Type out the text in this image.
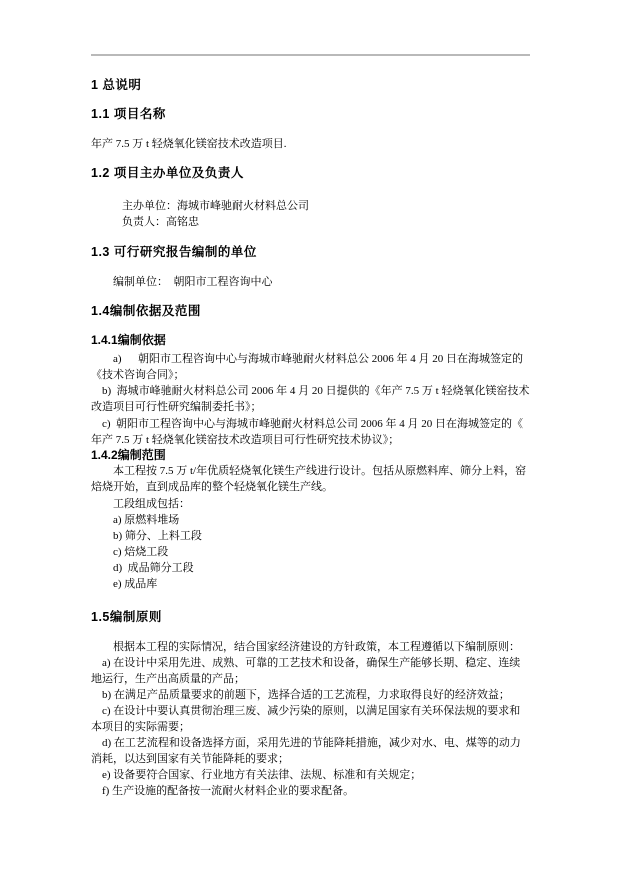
1 总说明
1.1 项目名称

年产 7.5 万 t 轻烧氧化镁窑技术改造项目.

1.2 项目主办单位及负责人

主办单位：海城市峰驰耐火材料总公司

负责人：高铭忠

1.3 可行研究报告编制的单位

编制单位：  朝阳市工程咨询中心

1.4编制依据及范围
1.4.1编制依据

a)      朝阳市工程咨询中心与海城市峰驰耐火材料总公 2006 年 4 月 20 日在海城签定的《技术咨询合同》；

b)  海城市峰驰耐火材料总公司 2006 年 4 月 20 日提供的《年产 7.5 万 t 轻烧氧化镁窑技术改造项目可行性研究编制委托书》；

c)  朝阳市工程咨询中心与海城市峰驰耐火材料总公司 2006 年 4 月 20 日在海城签定的《年产 7.5 万 t 轻烧氧化镁窑技术改造项目可行性研究技术协议》；

1.4.2编制范围

本工程按 7.5 万 t/年优质轻烧氧化镁生产线进行设计。包括从原燃料库、筛分上料，窑焙烧开始，直到成品库的整个轻烧氧化镁生产线。

工段组成包括：

a) 原燃料堆场

b) 筛分、上料工段

c) 焙烧工段

d)  成品筛分工段

e) 成品库

1.5编制原则

根据本工程的实际情况，结合国家经济建设的方针政策，本工程遵循以下编制原则：

a) 在设计中采用先进、成熟、可靠的工艺技术和设备，确保生产能够长期、稳定、连续地运行，生产出高质量的产品；

b) 在满足产品质量要求的前题下，选择合适的工艺流程，力求取得良好的经济效益；

c) 在设计中要认真贯彻治理三废、减少污染的原则，以满足国家有关环保法规的要求和本项目的实际需要；

d) 在工艺流程和设备选择方面，采用先进的节能降耗措施，减少对水、电、煤等的动力消耗，以达到国家有关节能降耗的要求；

e) 设备要符合国家、行业地方有关法律、法规、标准和有关规定；

f) 生产设施的配备按一流耐火材料企业的要求配备。
